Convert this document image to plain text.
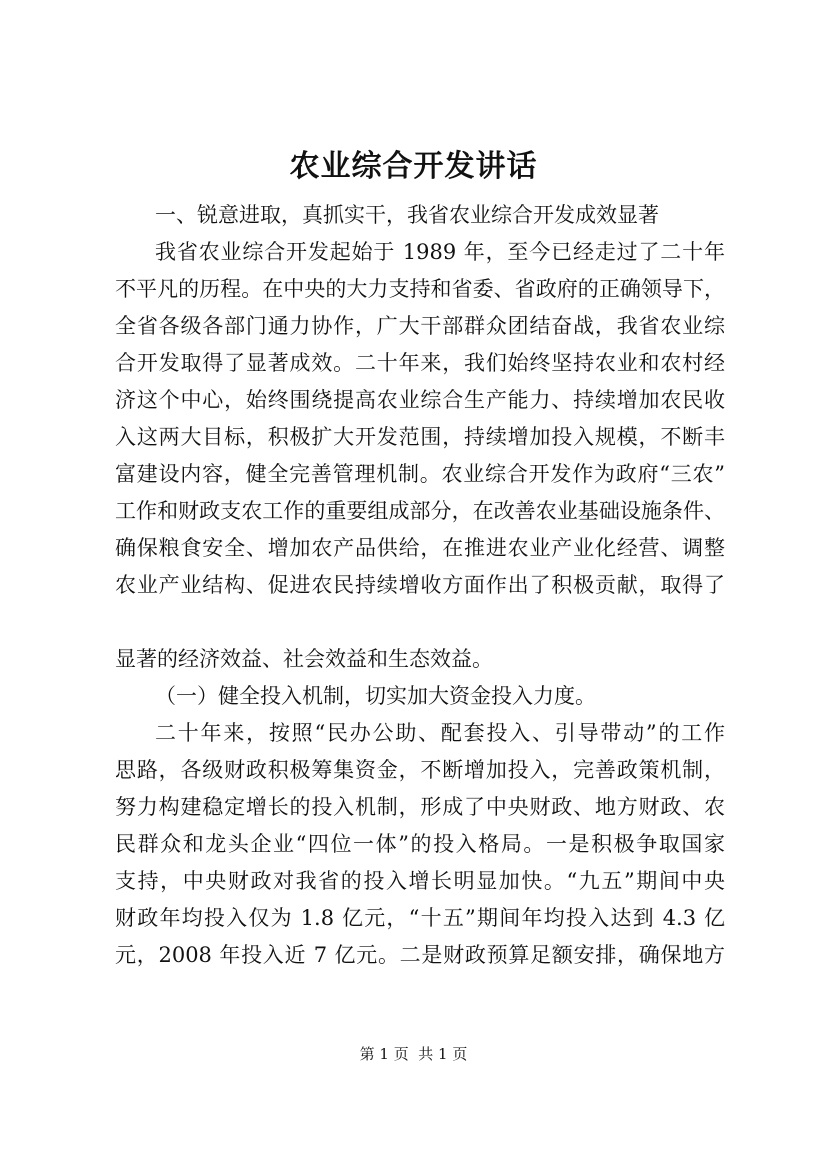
农业综合开发讲话
一、锐意进取，真抓实干，我省农业综合开发成效显著
我省农业综合开发起始于 1989 年，至今已经走过了二十年
不平凡的历程。在中央的大力支持和省委、省政府的正确领导下，
全省各级各部门通力协作，广大干部群众团结奋战，我省农业综
合开发取得了显著成效。二十年来，我们始终坚持农业和农村经
济这个中心，始终围绕提高农业综合生产能力、持续增加农民收
入这两大目标，积极扩大开发范围，持续增加投入规模，不断丰
富建设内容，健全完善管理机制。农业综合开发作为政府“三农”
工作和财政支农工作的重要组成部分，在改善农业基础设施条件、
确保粮食安全、增加农产品供给，在推进农业产业化经营、调整
农业产业结构、促进农民持续增收方面作出了积极贡献，取得了
显著的经济效益、社会效益和生态效益。
（一）健全投入机制，切实加大资金投入力度。
二十年来，按照“民办公助、配套投入、引导带动”的工作
思路，各级财政积极筹集资金，不断增加投入，完善政策机制，
努力构建稳定增长的投入机制，形成了中央财政、地方财政、农
民群众和龙头企业“四位一体”的投入格局。一是积极争取国家
支持，中央财政对我省的投入增长明显加快。“九五”期间中央
财政年均投入仅为 1.8 亿元，“十五”期间年均投入达到 4.3 亿
元，2008 年投入近 7 亿元。二是财政预算足额安排，确保地方
第 1 页  共 1 页
